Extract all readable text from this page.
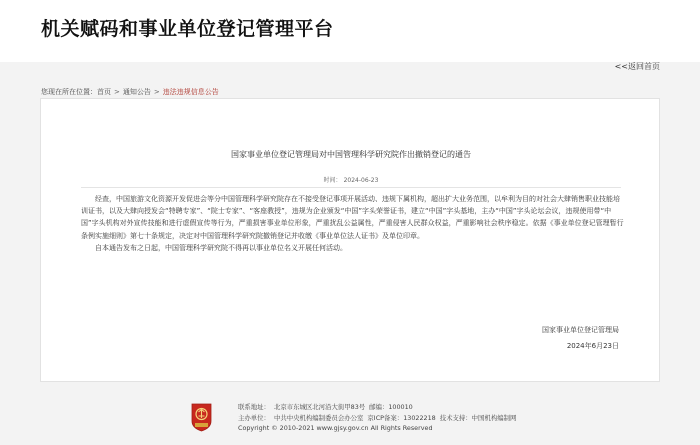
机关赋码和事业单位登记管理平台
<<返回首页
您现在所在位置：首页 > 通知公告 > 违法违规信息公告
国家事业单位登记管理局对中国管理科学研究院作出撤销登记的通告
时间： 2024-06-23

经查，中国旅游文化资源开发促进会等分中国管理科学研究院存在不接受登记事项开展活动、违规下属机构，超出扩大业务范围，以牟利为目的对社会大肆销售职业技能培训证书，以及大肆向授发会“特聘专家”、“院士专家”、“客座教授”，违规为企业颁发“中国”字头荣誉证书，建立“中国”字头基地，主办“中国”字头论坛会议，违规使用带“中国”字头机构对外宣传技能和进行虚假宣传等行为，严重损害事业单位形象，严重扰乱公益属性，严重侵害人民群众权益，严重影响社会秩序稳定。依据《事业单位登记管理暂行条例实施细则》第七十条规定，决定对中国管理科学研究院撤销登记并收缴《事业单位法人证书》及单位印章。

自本通告发布之日起，中国管理科学研究院不得再以事业单位名义开展任何活动。

国家事业单位登记管理局
2024年6月23日
联系地址： 北京市东城区北河沿大街甲83号 邮编：100010
主办单位： 中共中央机构编制委员会办公室 京ICP备案：13022218 技术支持：中国机构编制网
Copyright © 2010-2021 www.gjsy.gov.cn All Rights Reserved
